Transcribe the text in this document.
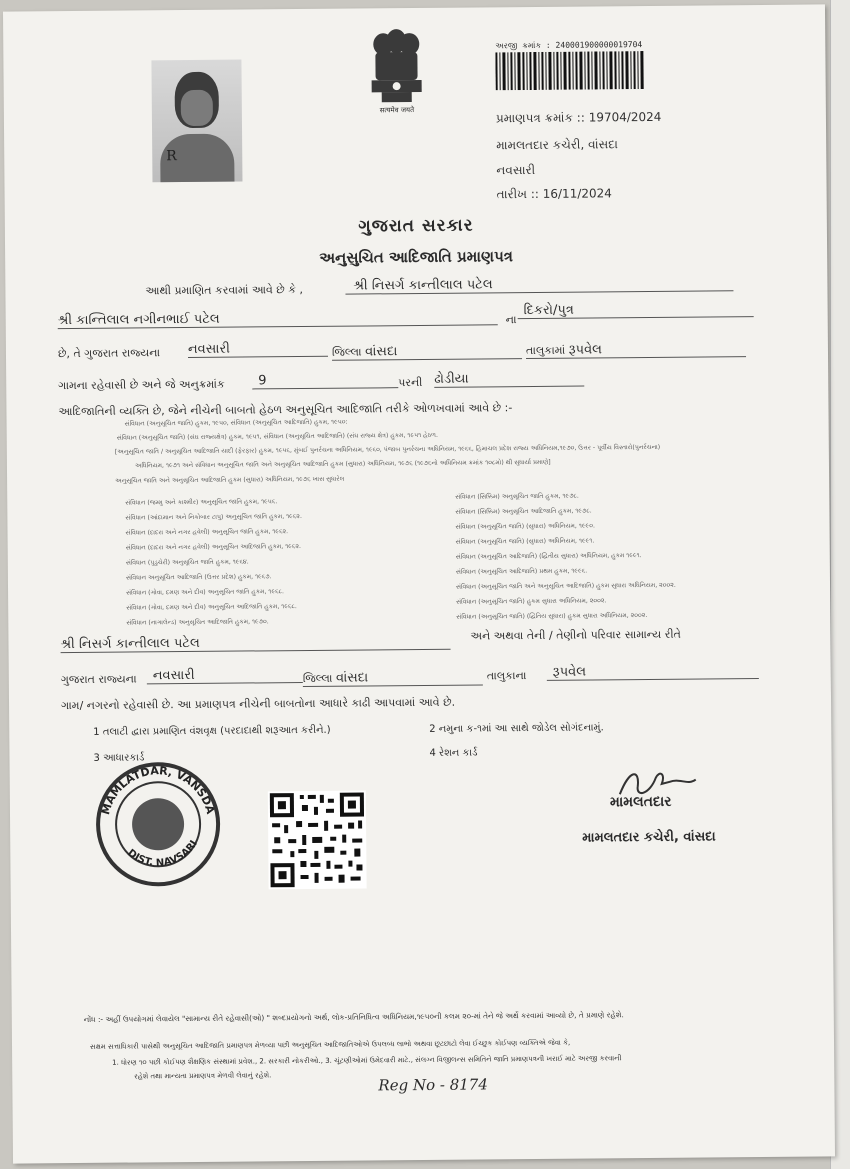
R
सत्यमेव जयते
અરજી ક્રમાંક : 240001900000019704
પ્રમાણપત્ર ક્રમાંક :: 19704/2024
મામલતદાર કચેરી, વાંસદા
નવસારી
તારીખ :: 16/11/2024
ગુજરાત સરકાર
અનુસુચિત આદિજાતિ પ્રમાણપત્ર
આથી પ્રમાણિત કરવામાં આવે છે કે ,	શ્રી નિસર્ગ કાન્તીલાલ પટેલ
શ્રી કાન્તિલાલ નગીનભાઈ પટેલ	ના
દિકરો/પુત્ર
છે, તે ગુજરાત રાજ્યના નવસારી	જિલ્લા વાંસદા	તાલુકામાં રૂપવેલ
ગામના રહેવાસી છે અને જે અનુક્રમાંક	9	પરની ઢોડીયા
આદિજાતિની વ્યક્તિ છે, જેને નીચેની બાબતો હેઠળ અનુસૂચિત આદિજાતિ તરીકે ઓળખવામાં આવે છે :-
સંવિધાન (અનુસૂચિત જાતિ) હુકમ, ૧૯૫૦, સંવિધાન (અનુસૂચિત આદિજાતિ) હુકમ, ૧૯૫૦:
સંવિધાન (અનુસૂચિત જાતિ) (સંઘ રાજ્યક્ષેત્ર) હુકમ, ૧૯૫૧, સંવિધાન (અનુસૂચિત આદિજાતિ) (સંઘ રાજ્ય ક્ષેત્ર) હુકમ, ૧૯૫૧ હેઠળ.
[અનુસૂચિત જાતિ / અનુસૂચિત આદિજાતિ યાદી (ફેરફાર) હુકમ, ૧૯૫૬, મુંબઈ પુનર્રચના અધિનિયમ, ૧૯૬૦, પંજાબ પુનર્રચના અધિનિયમ, ૧૯૬૬, હિમાચલ પ્રદેશ રાજ્ય અધિનિયમ,૧૯૭૦, ઉત્તર - પૂર્વીય વિસ્તારો(પુનર્રચના)
અધિનિયમ, ૧૯૭૧ અને સંવિધાન અનુસૂચિત જાતિ અને અનુસૂચિત આદિજાતિ હુકમ (સુધારા) અધિનિયમ, ૧૯૭૬ (૧૯૭૬નો અધિનિયમ ક્રમાંક ૧૦૮મો) થી સુધાર્યા પ્રમાણે]
અનુસૂચિત જાતિ અને અનુસૂચિત આદિજાતિ હુકમ (સુધારા) અધિનિયમ, ૧૯૭૬ ખાસ સુધારેલ
સંવિધાન (જમ્મુ અને કાશ્મીર) અનુસૂચિત જાતિ હુકમ, ૧૯૫૬.
સંવિધાન (આંદામાન અને નિકોબાર ટાપુ) અનુસૂચિત જાતિ હુકમ, ૧૯૬૨.
સંવિધાન (દાદરા અને નગર હવેલી) અનુસૂચિત જાતિ હુકમ, ૧૯૬૨.
સંવિધાન (દાદરા અને નગર હવેલી) અનુસૂચિત આદિજાતિ હુકમ, ૧૯૬૨.
સંવિધાન (પુડુચેરી) અનુસૂચિત જાતિ હુકમ, ૧૯૬૪.
સંવિધાન અનુસૂચિત આદિજાતિ (ઉત્તર પ્રદેશ) હુકમ, ૧૯૬૭.
સંવિધાન (ગોવા, દમણ અને દીવ) અનુસૂચિત જાતિ હુકમ, ૧૯૬૮.
સંવિધાન (ગોવા, દમણ અને દીવ) અનુસૂચિત આદિજાતિ હુકમ, ૧૯૬૮.
સંવિધાન (નાગાલેન્ડ) અનુસૂચિત આદિજાતિ હુકમ, ૧૯૭૦.
સંવિધાન (સિક્કિમ) અનુસૂચિત જાતિ હુકમ, ૧૯૭૮.
સંવિધાન (સિક્કિમ) અનુસૂચિત આદિજાતિ હુકમ, ૧૯૭૮.
સંવિધાન (અનુસૂચિત જાતિ) (સુધારા) અધિનિયમ, ૧૯૯૦.
સંવિધાન (અનુસૂચિત જાતિ) (સુધારા) અધિનિયમ, ૧૯૯૧.
સંવિધાન (અનુસૂચિત આદિજાતિ) (દ્વિતીય સુધારા) અધિનિયમ, હુકમ ૧૯૯૧.
સંવિધાન (અનુસૂચિત આદિજાતિ) પ્રથમ હુકમ, ૧૯૯૬.
સંવિધાન (અનુસૂચિત જાતિ અને અનુસૂચિત આદિજાતિ) હુકમ સુધારા અધિનિયમ, ૨૦૦૨.
સંવિધાન (અનુસૂચિત જાતિ) હુકમ સુધારા અધિનિયમ, ૨૦૦૨.
સંવિધાન (અનુસૂચિત જાતિ) (દ્વિતિય સુધારા) હુકમ સુધારા અધિનિયમ, ૨૦૦૨.
શ્રી નિસર્ગ કાન્તીલાલ પટેલ
અને અથવા તેની / તેણીનો પરિવાર સામાન્ય રીતે
ગુજરાત રાજ્યના	નવસારી	જિલ્લા વાંસદા	તાલુકાના	રૂપવેલ
ગામ/ નગરનો રહેવાસી છે. આ પ્રમાણપત્ર નીચેની બાબતોના આધારે કાઢી આપવામાં આવે છે.
1 તલાટી દ્વારા પ્રમાણિત વંશવૃક્ષ (પરદાદાથી શરૂઆત કરીને.)	2 નમુના ક-૧માં આ સાથે જોડેલ સોગંદનામું.
3 આધારકાર્ડ	4 રેશન કાર્ડ
MAMLATDAR, VANSDA
DIST. NAVSARI
મામલતદાર
મામલતદાર કચેરી, વાંસદા
નોંધ :- અહીં ઉપયોગમાં લેવાયેલ "સામાન્ય રીતે રહેવાસી(ઓ) " શબ્દપ્રયોગનો અર્થ, લોક-પ્રતિનિધિત્વ અધિનિયમ,૧૯૫૦ની કલમ ૨૦-માં તેને જે અર્થે કરવામાં આવ્યો છે, તે પ્રમાણે રહેશે.
સક્ષમ સત્તાધિકારી પાસેથી અનુસૂચિત આદિજાતિ પ્રમાણપત્ર મેળવ્યા પછી અનુસૂચિત આદિજાતિઓએ ઉપલબ્ધ લાભો અથવા છૂટછાટો લેવા ઈચ્છુક કોઈપણ વ્યક્તિએ જેવા કે,
1. ધોરણ ૧૦ પછી કોઈપણ શૈક્ષણિક સંસ્થામાં પ્રવેશ., 2. સરકારી નોકરીઓ., 3. ચૂંટણીઓમાં ઉમેદવારી માટે., સંલગ્ન વિજીલન્સ સમિતિને જાતિ પ્રમાણપત્રની ખરાઈ માટે અરજી કરવાની
રહેશે તથા માન્યતા પ્રમાણપત્ર મેળવી લેવાનું રહેશે.	Reg No - 8174
